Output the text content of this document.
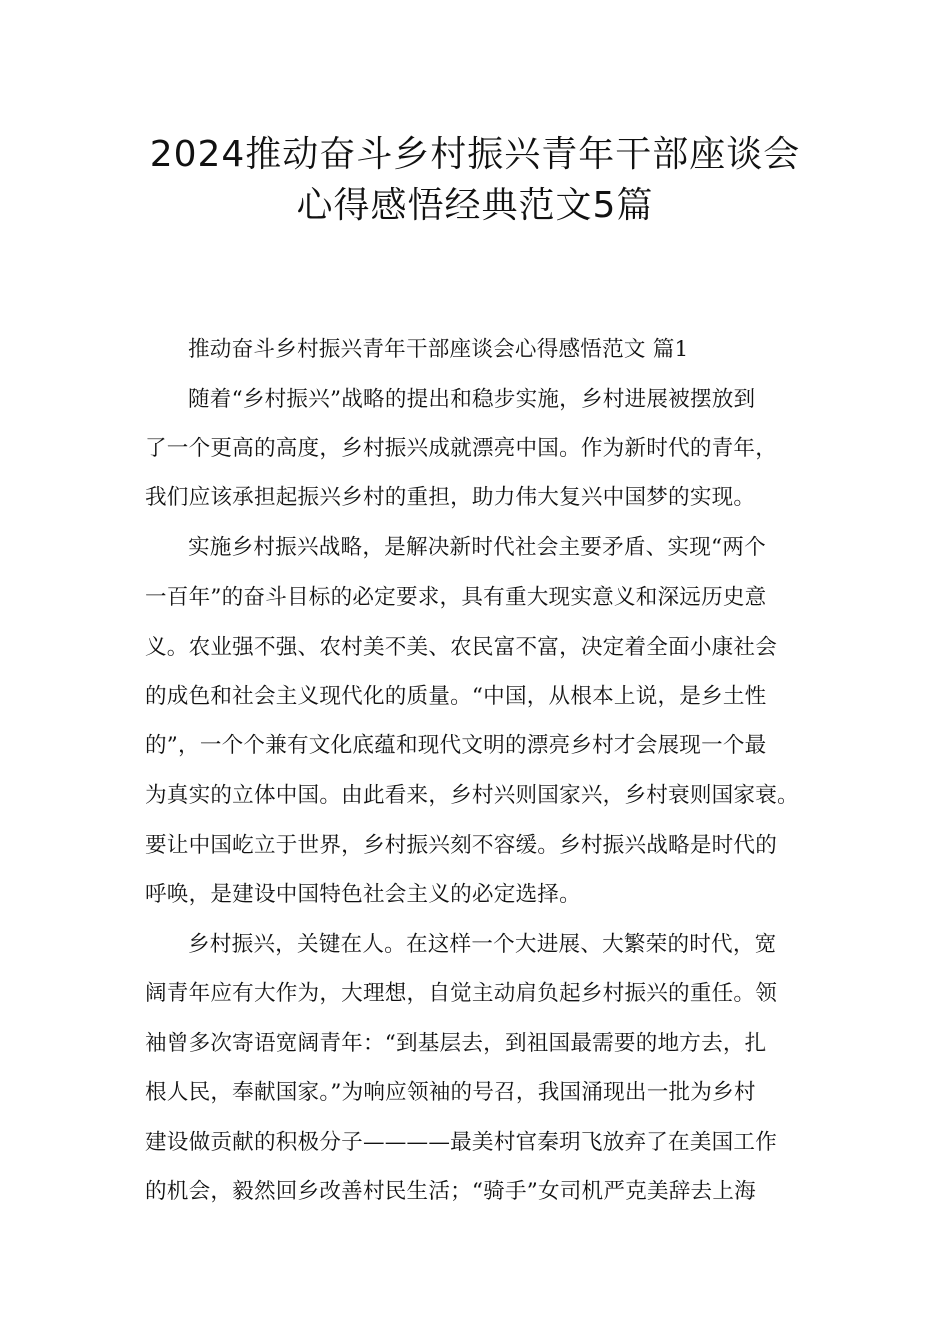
2024推动奋斗乡村振兴青年干部座谈会
心得感悟经典范文5篇

推动奋斗乡村振兴青年干部座谈会心得感悟范文 篇1

随着“乡村振兴”战略的提出和稳步实施，乡村进展被摆放到

了一个更高的高度，乡村振兴成就漂亮中国。作为新时代的青年，

我们应该承担起振兴乡村的重担，助力伟大复兴中国梦的实现。

实施乡村振兴战略，是解决新时代社会主要矛盾、实现“两个

一百年”的奋斗目标的必定要求，具有重大现实意义和深远历史意

义。农业强不强、农村美不美、农民富不富，决定着全面小康社会

的成色和社会主义现代化的质量。“中国，从根本上说，是乡土性

的”，一个个兼有文化底蕴和现代文明的漂亮乡村才会展现一个最

为真实的立体中国。由此看来，乡村兴则国家兴，乡村衰则国家衰。

要让中国屹立于世界，乡村振兴刻不容缓。乡村振兴战略是时代的

呼唤，是建设中国特色社会主义的必定选择。

乡村振兴，关键在人。在这样一个大进展、大繁荣的时代，宽

阔青年应有大作为，大理想，自觉主动肩负起乡村振兴的重任。领

袖曾多次寄语宽阔青年：“到基层去，到祖国最需要的地方去，扎

根人民，奉献国家。”为响应领袖的号召，我国涌现出一批为乡村

建设做贡献的积极分子————最美村官秦玥飞放弃了在美国工作

的机会，毅然回乡改善村民生活；“骑手”女司机严克美辞去上海
